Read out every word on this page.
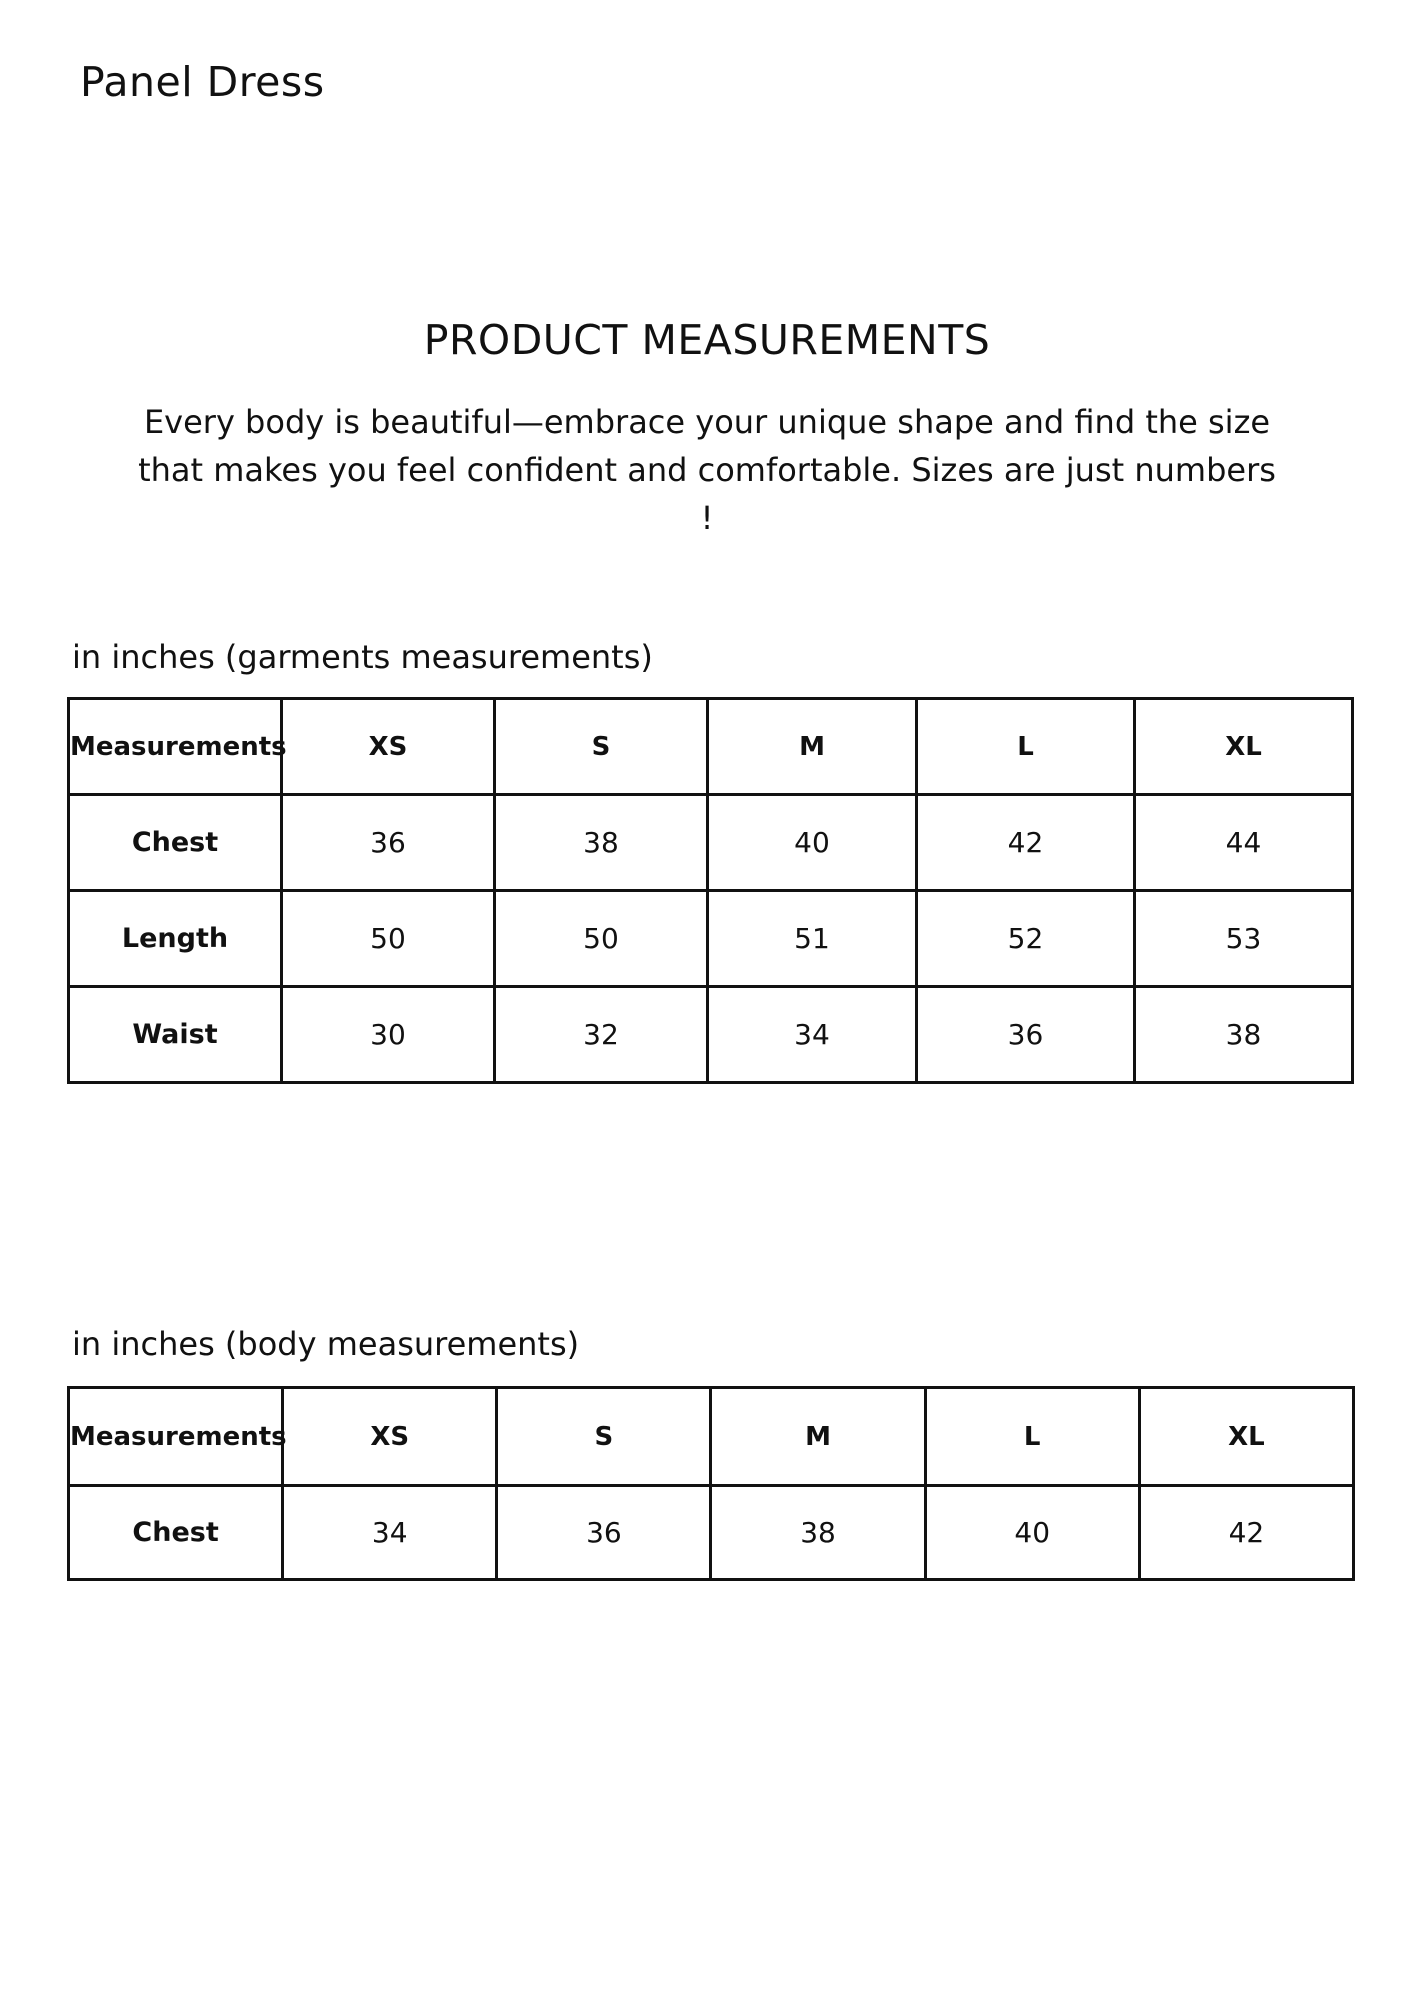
Panel Dress
PRODUCT MEASUREMENTS

Every body is beautiful—embrace your unique shape and find the size that makes you feel confident and comfortable. Sizes are just numbers !

in inches (garments measurements)

Measurements	XS	S	M	L	XL
Chest	36	38	40	42	44
Length	50	50	51	52	53
Waist	30	32	34	36	38

in inches (body measurements)

Measurements	XS	S	M	L	XL
Chest	34	36	38	40	42
